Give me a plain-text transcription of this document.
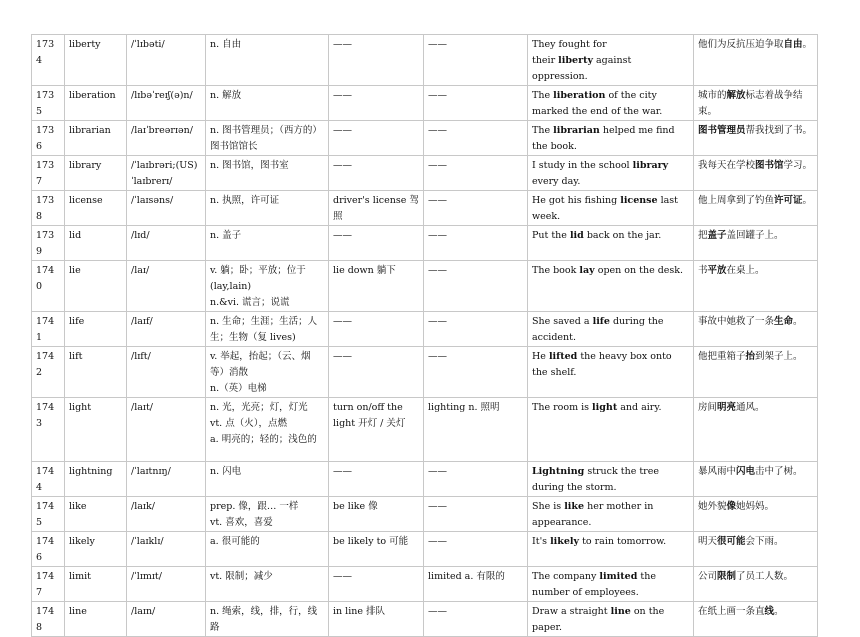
1734	liberty	/ˈlɪbəti/	n. 自由	——	——	They fought for
their liberty against oppression.	他们为反抗压迫争取自由。
1735	liberation	/lɪbəˈreɪʃ(ə)n/	n. 解放	——	——	The liberation of the city marked the end of the war.	城市的解放标志着战争结束。
1736	librarian	/laɪˈbreərɪən/	n. 图书管理员；（西方的）图书馆馆长	——	——	The librarian helped me find the book.	图书管理员帮我找到了书。
1737	library	/ˈlaɪbrəri;(US)ˈlaɪbrerɪ/	n. 图书馆，图书室	——	——	I study in the school library every day.	我每天在学校图书馆学习。
1738	license	/ˈlaɪsəns/	n. 执照，许可证	driver's license 驾照	——	He got his fishing license last week.	他上周拿到了钓鱼许可证。
1739	lid	/lɪd/	n. 盖子	——	——	Put the lid back on the jar.	把盖子盖回罐子上。
1740	lie	/laɪ/	v. 躺；卧；平放；位于 (lay,lain)
n.&vi. 谎言；说谎	lie down 躺下	——	The book lay open on the desk.	书平放在桌上。
1741	life	/laɪf/	n. 生命；生涯；生活；人生；生物（复 lives)	——	——	She saved a life during the accident.	事故中她救了一条生命。
1742	lift	/lɪft/	v. 举起，抬起；（云、烟等）消散
n.（英）电梯	——	——	He lifted the heavy box onto the shelf.	他把重箱子抬到架子上。
1743	light	/laɪt/	n. 光，光亮；灯，灯光
vt. 点（火），点燃
a. 明亮的；轻的；浅色的	turn on/off the light 开灯 / 关灯	lighting n. 照明	The room is light and airy.	房间明亮通风。
1744	lightning	/ˈlaɪtnɪŋ/	n. 闪电	——	——	Lightning struck the tree during the storm.	暴风雨中闪电击中了树。
1745	like	/laɪk/	prep. 像，跟… 一样
vt. 喜欢，喜爱	be like 像	——	She is like her mother in appearance.	她外貌像她妈妈。
1746	likely	/ˈlaɪklɪ/	a. 很可能的	be likely to 可能	——	It's likely to rain tomorrow.	明天很可能会下雨。
1747	limit	/ˈlɪmɪt/	vt. 限制；减少	——	limited a. 有限的	The company limited the number of employees.	公司限制了员工人数。
1748	line	/laɪn/	n. 绳索，线，排，行，线路	in line 排队	——	Draw a straight line on the paper.	在纸上画一条直线。
